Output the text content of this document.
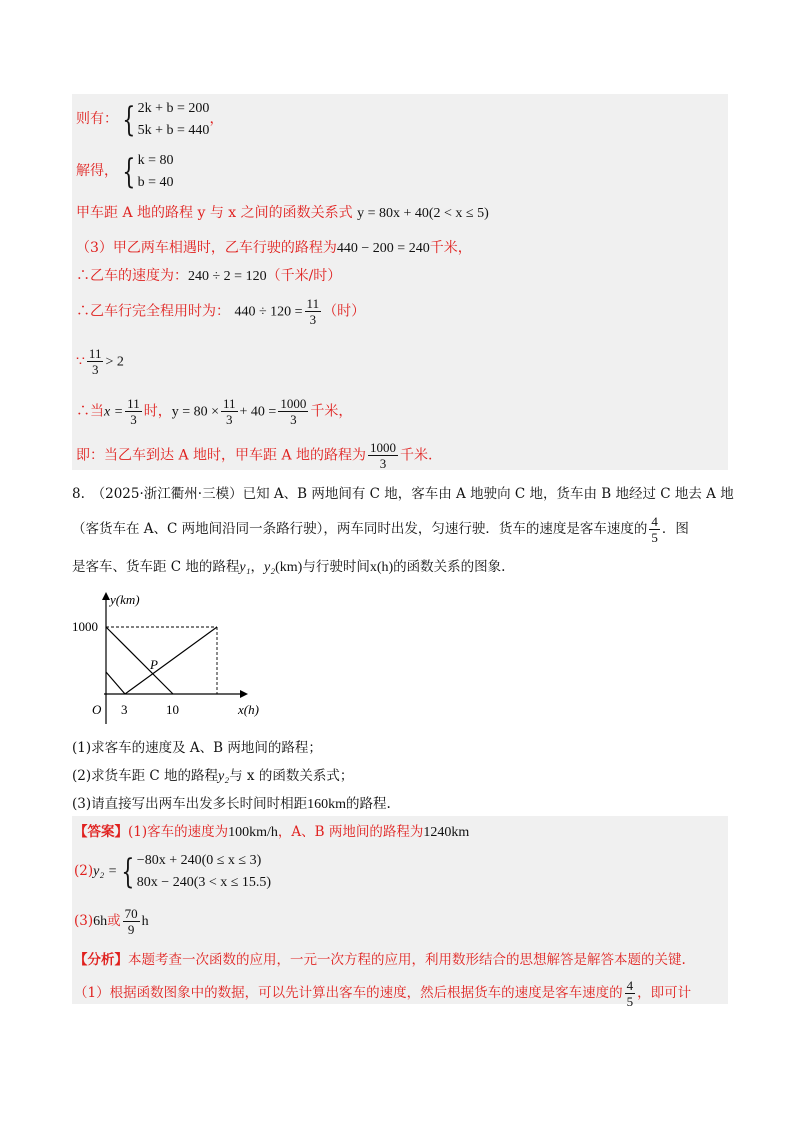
则有： { 2k + b = 200
5k + b = 440，
解得， { k = 80
b = 40
甲车距 A 地的路程 y 与 x 之间的函数关系式 y = 80x + 40(2 < x ≤ 5)
（3）甲乙两车相遇时，乙车行驶的路程为440 − 200 = 240千米，
∴乙车的速度为：240 ÷ 2 = 120（千米/时）
∴乙车行完全程用时为： $440 \div 120 = \frac{11}{3}$ （时）
∵ $\frac{11}{3} > 2$
∴当$x = \frac{11}{3}$ 时，$y = 80 \times \frac{11}{3} + 40 = \frac{1000}{3}$ 千米，
即：当乙车到达 A 地时，甲车距 A 地的路程为 $\frac{1000}{3}$ 千米.
8.　（2025·浙江衢州·三模）已知 A、B 两地间有 C 地，客车由 A 地驶向 C 地，货车由 B 地经过 C 地去 A 地
（客货车在 A、C 两地间沿同一条路行驶），两车同时出发，匀速行驶．货车的速度是客车速度的 $\frac{4}{5}$ ．图
是客车、货车距 C 地的路程y₁，y₂(km)与行驶时间x(h)的函数关系的图象.
y(km)
x(h)
1000
O 3	10
P
(1)求客车的速度及 A、B 两地间的路程；
(2)求货车距 C 地的路程y₂与 x 的函数关系式；
(3)请直接写出两车出发多长时间时相距160km的路程.
【答案】(1)客车的速度为100km/h，A、B 两地间的路程为1240km
(2)y₂ = { −80x + 240(0 ≤ x ≤ 3)
80x − 240(3 < x ≤ 15.5)
(3)6h或 $\frac{70}{9}$ h
【分析】本题考查一次函数的应用，一元一次方程的应用，利用数形结合的思想解答是解答本题的关键.
（1）根据函数图象中的数据，可以先计算出客车的速度，然后根据货车的速度是客车速度的 $\frac{4}{5}$ ，即可计
